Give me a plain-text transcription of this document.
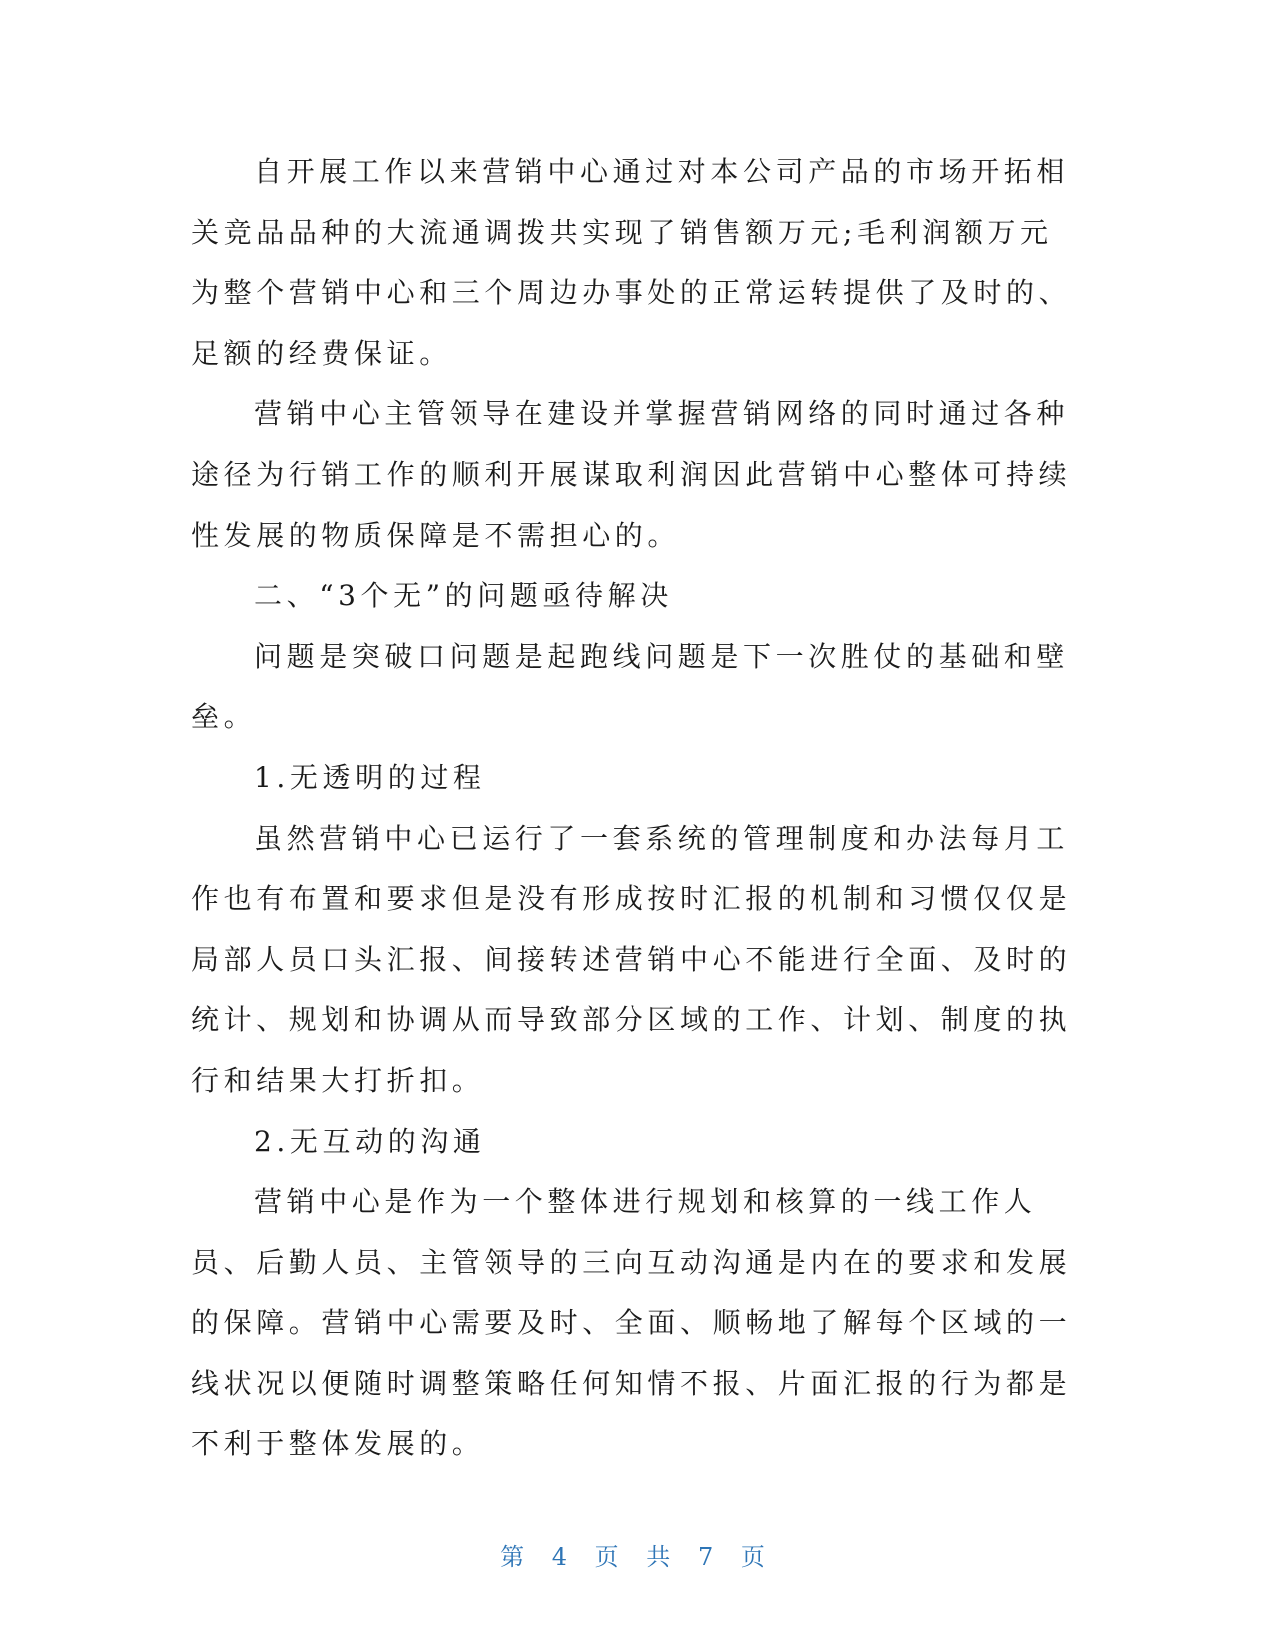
自开展工作以来营销中心通过对本公司产品的市场开拓相关竞品品种的大流通调拨共实现了销售额万元;毛利润额万元为整个营销中心和三个周边办事处的正常运转提供了及时的、足额的经费保证。

营销中心主管领导在建设并掌握营销网络的同时通过各种途径为行销工作的顺利开展谋取利润因此营销中心整体可持续性发展的物质保障是不需担心的。

二、“3个无”的问题亟待解决

问题是突破口问题是起跑线问题是下一次胜仗的基础和壁垒。

1.无透明的过程

虽然营销中心已运行了一套系统的管理制度和办法每月工作也有布置和要求但是没有形成按时汇报的机制和习惯仅仅是局部人员口头汇报、间接转述营销中心不能进行全面、及时的统计、规划和协调从而导致部分区域的工作、计划、制度的执行和结果大打折扣。

2.无互动的沟通

营销中心是作为一个整体进行规划和核算的一线工作人员、后勤人员、主管领导的三向互动沟通是内在的要求和发展的保障。营销中心需要及时、全面、顺畅地了解每个区域的一线状况以便随时调整策略任何知情不报、片面汇报的行为都是不利于整体发展的。

第 4 页 共 7 页
